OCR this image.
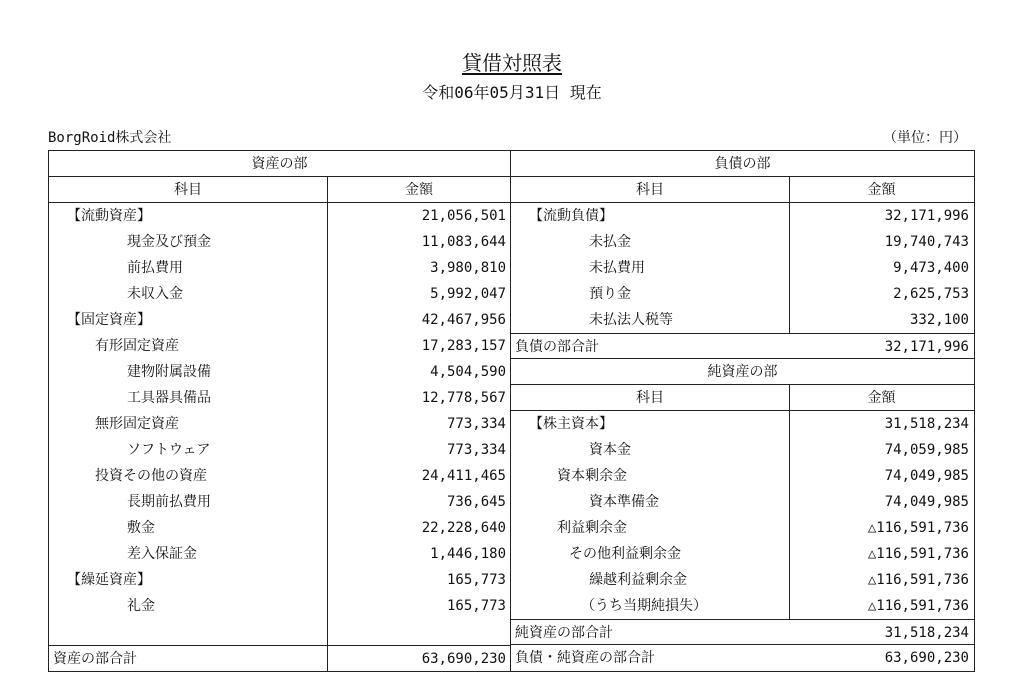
貸借対照表
令和06年05月31日 現在
BorgRoid株式会社	（単位：円）
資産の部
科目	金額
【流動資産】	21,056,501
現金及び預金	11,083,644
前払費用	3,980,810
未収入金	5,992,047
【固定資産】	42,467,956
有形固定資産	17,283,157
建物附属設備	4,504,590
工具器具備品	12,778,567
無形固定資産	773,334
ソフトウェア	773,334
投資その他の資産	24,411,465
長期前払費用	736,645
敷金	22,228,640
差入保証金	1,446,180
【繰延資産】	165,773
礼金	165,773
資産の部合計	63,690,230
負債の部
科目	金額
【流動負債】	32,171,996
未払金	19,740,743
未払費用	9,473,400
預り金	2,625,753
未払法人税等	332,100
負債の部合計	32,171,996
純資産の部
科目	金額
【株主資本】	31,518,234
資本金	74,059,985
資本剰余金	74,049,985
資本準備金	74,049,985
利益剰余金	△116,591,736
その他利益剰余金	△116,591,736
繰越利益剰余金	△116,591,736
（うち当期純損失）	△116,591,736
純資産の部合計	31,518,234
負債・純資産の部合計	63,690,230
